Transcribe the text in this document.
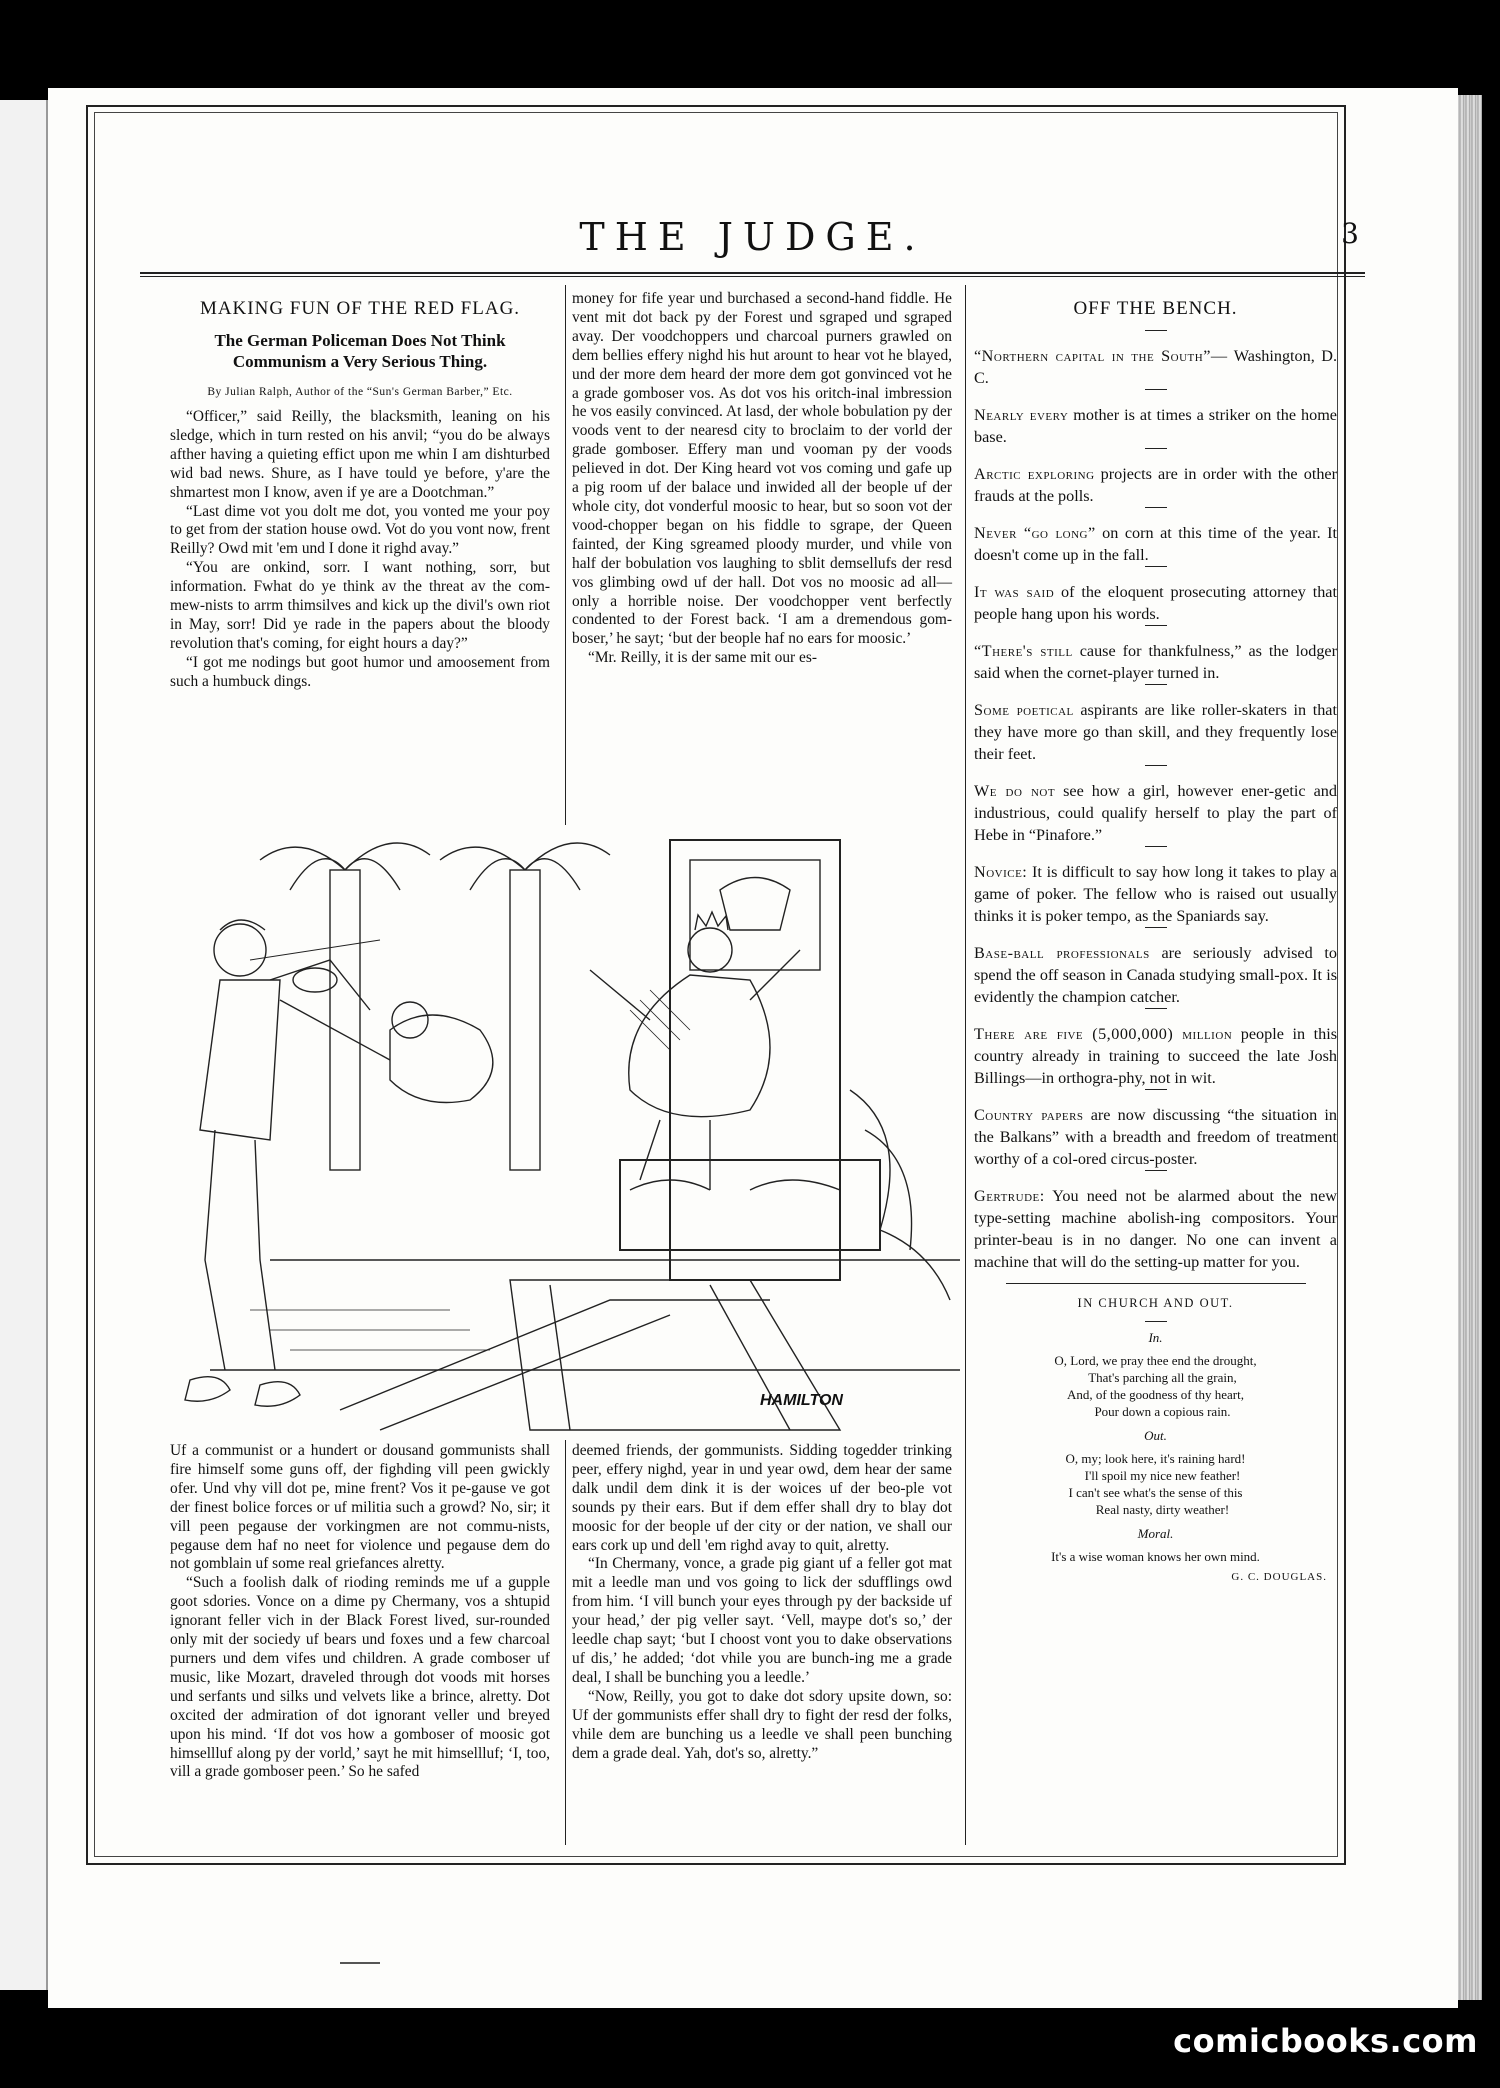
THE JUDGE.	3
MAKING FUN OF THE RED FLAG.
The German Policeman Does Not Think Communism a Very Serious Thing.
By Julian Ralph, Author of the “Sun's German Barber,” Etc.

“Officer,” said Reilly, the blacksmith, leaning on his sledge, which in turn rested on his anvil; “you do be always afther having a quieting effict upon me whin I am dishturbed wid bad news. Shure, as I have tould ye before, y'are the shmartest mon I know, aven if ye are a Dootchman.”

“Last dime vot you dolt me dot, you vonted me your poy to get from der station house owd. Vot do you vont now, frent Reilly? Owd mit 'em und I done it righd avay.”

“You are onkind, sorr. I want nothing, sorr, but information. Fwhat do ye think av the threat av the com-mew-nists to arrm thimsilves and kick up the divil's own riot in May, sorr! Did ye rade in the papers about the bloody revolution that's coming, for eight hours a day?”

“I got me nodings but goot humor und amoosement from such a humbuck dings.

money for fife year und burchased a second-hand fiddle. He vent mit dot back py der Forest und sgraped und sgraped avay. Der voodchoppers und charcoal purners grawled on dem bellies effery nighd his hut arount to hear vot he blayed, und der more dem heard der more dem got gonvinced vot he a grade gomboser vos. As dot vos his oritch-inal imbression he vos easily convinced. At lasd, der whole bobulation py der voods vent to der nearesd city to broclaim to der vorld der grade gomboser. Effery man und vooman py der voods pelieved in dot. Der King heard vot vos coming und gafe up a pig room uf der balace und inwided all der beople uf der whole city, dot vonderful moosic to hear, but so soon vot der vood-chopper began on his fiddle to sgrape, der Queen fainted, der King sgreamed ploody murder, und vhile von half der bobulation vos laughing to sblit demsellufs der resd vos glimbing owd uf der hall. Dot vos no moosic ad all—only a horrible noise. Der voodchopper vent berfectly condented to der Forest back. ‘I am a dremendous gom-boser,’ he sayt; ‘but der beople haf no ears for moosic.’

“Mr. Reilly, it is der same mit our es-

HAMILTON

Uf a communist or a hundert or dousand gommunists shall fire himself some guns off, der fighding vill peen gwickly ofer. Und vhy vill dot pe, mine frent? Vos it pe-gause ve got der finest bolice forces or uf militia such a growd? No, sir; it vill peen pegause der vorkingmen are not commu-nists, pegause dem haf no neet for violence und pegause dem do not gomblain uf some real griefances alretty.

“Such a foolish dalk of rioding reminds me uf a gupple goot sdories. Vonce on a dime py Chermany, vos a shtupid ignorant feller vich in der Black Forest lived, sur-rounded only mit der sociedy uf bears und foxes und a few charcoal purners und dem vifes und children. A grade comboser uf music, like Mozart, draveled through dot voods mit horses und serfants und silks und velvets like a brince, alretty. Dot oxcited der admiration of dot ignorant veller und breyed upon his mind. ‘If dot vos how a gomboser of moosic got himsellluf along py der vorld,’ sayt he mit himsellluf; ‘I, too, vill a grade gomboser peen.’ So he safed

deemed friends, der gommunists. Sidding togedder trinking peer, effery nighd, year in und year owd, dem hear der same dalk undil dem dink it is der woices uf der beo-ple vot sounds py their ears. But if dem effer shall dry to blay dot moosic for der beople uf der city or der nation, ve shall our ears cork up und dell 'em righd avay to quit, alretty.

“In Chermany, vonce, a grade pig giant uf a feller got mat mit a leedle man und vos going to lick der sdufflings owd from him. ‘I vill bunch your eyes through py der backside uf your head,’ der pig veller sayt. ‘Vell, maype dot's so,’ der leedle chap sayt; ‘but I choost vont you to dake observations uf dis,’ he added; ‘dot vhile you are bunch-ing me a grade deal, I shall be bunching you a leedle.’

“Now, Reilly, you got to dake dot sdory upsite down, so: Uf der gommunists effer shall dry to fight der resd der folks, vhile dem are bunching us a leedle ve shall peen bunching dem a grade deal. Yah, dot's so, alretty.”

OFF THE BENCH.

“Northern capital in the South”— Washington, D. C.

Nearly every mother is at times a striker on the home base.

Arctic exploring projects are in order with the other frauds at the polls.

Never “go long” on corn at this time of the year. It doesn't come up in the fall.

It was said of the eloquent prosecuting attorney that people hang upon his words.

“There's still cause for thankfulness,” as the lodger said when the cornet-player turned in.

Some poetical aspirants are like roller-skaters in that they have more go than skill, and they frequently lose their feet.

We do not see how a girl, however ener-getic and industrious, could qualify herself to play the part of Hebe in “Pinafore.”

Novice: It is difficult to say how long it takes to play a game of poker. The fellow who is raised out usually thinks it is poker tempo, as the Spaniards say.

Base-ball professionals are seriously advised to spend the off season in Canada studying small-pox. It is evidently the champion catcher.

There are five (5,000,000) million people in this country already in training to succeed the late Josh Billings—in orthogra-phy, not in wit.

Country papers are now discussing “the situation in the Balkans” with a breadth and freedom of treatment worthy of a col-ored circus-poster.

Gertrude: You need not be alarmed about the new type-setting machine abolish-ing compositors. Your printer-beau is in no danger. No one can invent a machine that will do the setting-up matter for you.

IN CHURCH AND OUT.
In.
O, Lord, we pray thee end the drought,
That's parching all the grain,
And, of the goodness of thy heart,
Pour down a copious rain.
Out.
O, my; look here, it's raining hard!
I'll spoil my nice new feather!
I can't see what's the sense of this
Real nasty, dirty weather!
Moral.
It's a wise woman knows her own mind.
G. C. DOUGLAS.
comicbooks.com
